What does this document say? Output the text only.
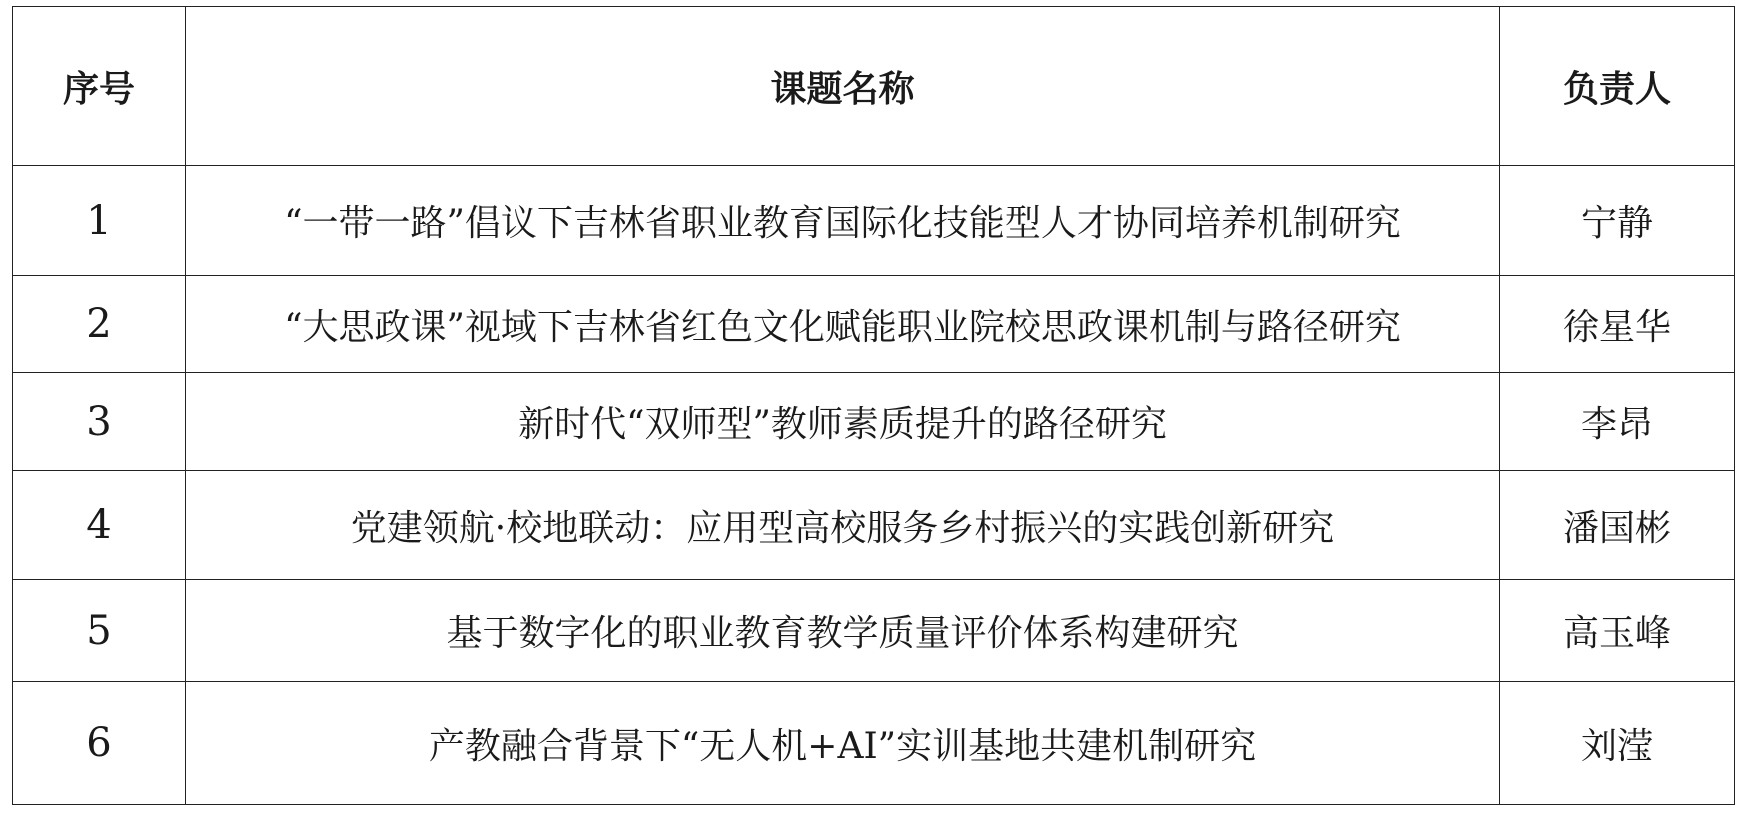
序号	课题名称	负责人
1	“一带一路”倡议下吉林省职业教育国际化技能型人才协同培养机制研究	宁静
2	“大思政课”视域下吉林省红色文化赋能职业院校思政课机制与路径研究	徐星华
3	新时代“双师型”教师素质提升的路径研究	李昂
4	党建领航·校地联动：应用型高校服务乡村振兴的实践创新研究	潘国彬
5	基于数字化的职业教育教学质量评价体系构建研究	高玉峰
6	产教融合背景下“无人机+AI”实训基地共建机制研究	刘滢
